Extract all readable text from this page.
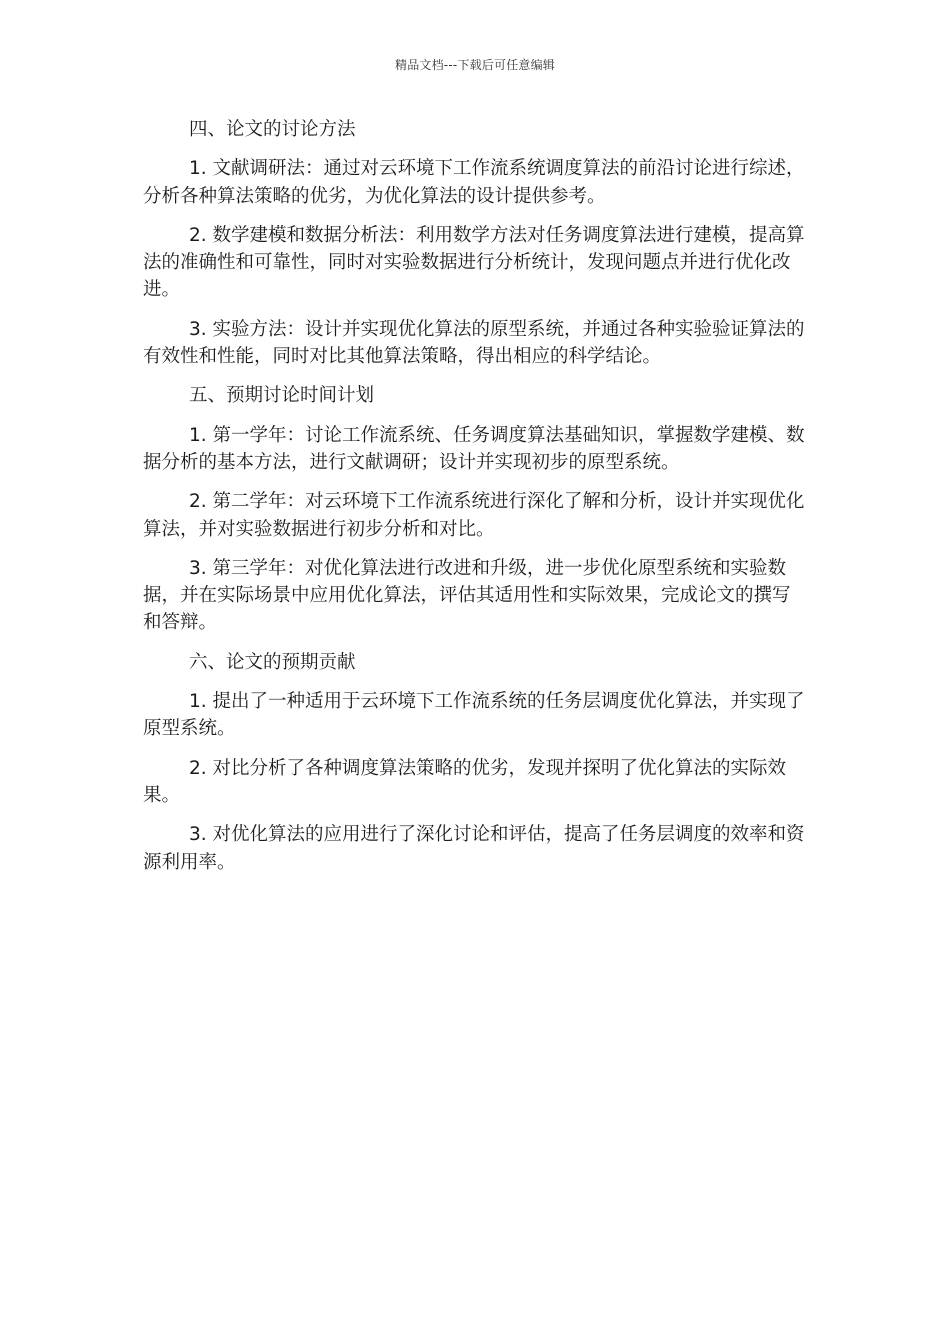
精品文档---下载后可任意编辑

四、论文的讨论方法

1. 文献调研法：通过对云环境下工作流系统调度算法的前沿讨论进行综述，分析各种算法策略的优劣，为优化算法的设计提供参考。

2. 数学建模和数据分析法：利用数学方法对任务调度算法进行建模，提高算法的准确性和可靠性，同时对实验数据进行分析统计，发现问题点并进行优化改进。

3. 实验方法：设计并实现优化算法的原型系统，并通过各种实验验证算法的有效性和性能，同时对比其他算法策略，得出相应的科学结论。

五、预期讨论时间计划

1. 第一学年：讨论工作流系统、任务调度算法基础知识，掌握数学建模、数据分析的基本方法，进行文献调研；设计并实现初步的原型系统。

2. 第二学年：对云环境下工作流系统进行深化了解和分析，设计并实现优化算法，并对实验数据进行初步分析和对比。

3. 第三学年：对优化算法进行改进和升级，进一步优化原型系统和实验数据，并在实际场景中应用优化算法，评估其适用性和实际效果，完成论文的撰写和答辩。

六、论文的预期贡献

1. 提出了一种适用于云环境下工作流系统的任务层调度优化算法，并实现了原型系统。

2. 对比分析了各种调度算法策略的优劣，发现并探明了优化算法的实际效果。

3. 对优化算法的应用进行了深化讨论和评估，提高了任务层调度的效率和资源利用率。
